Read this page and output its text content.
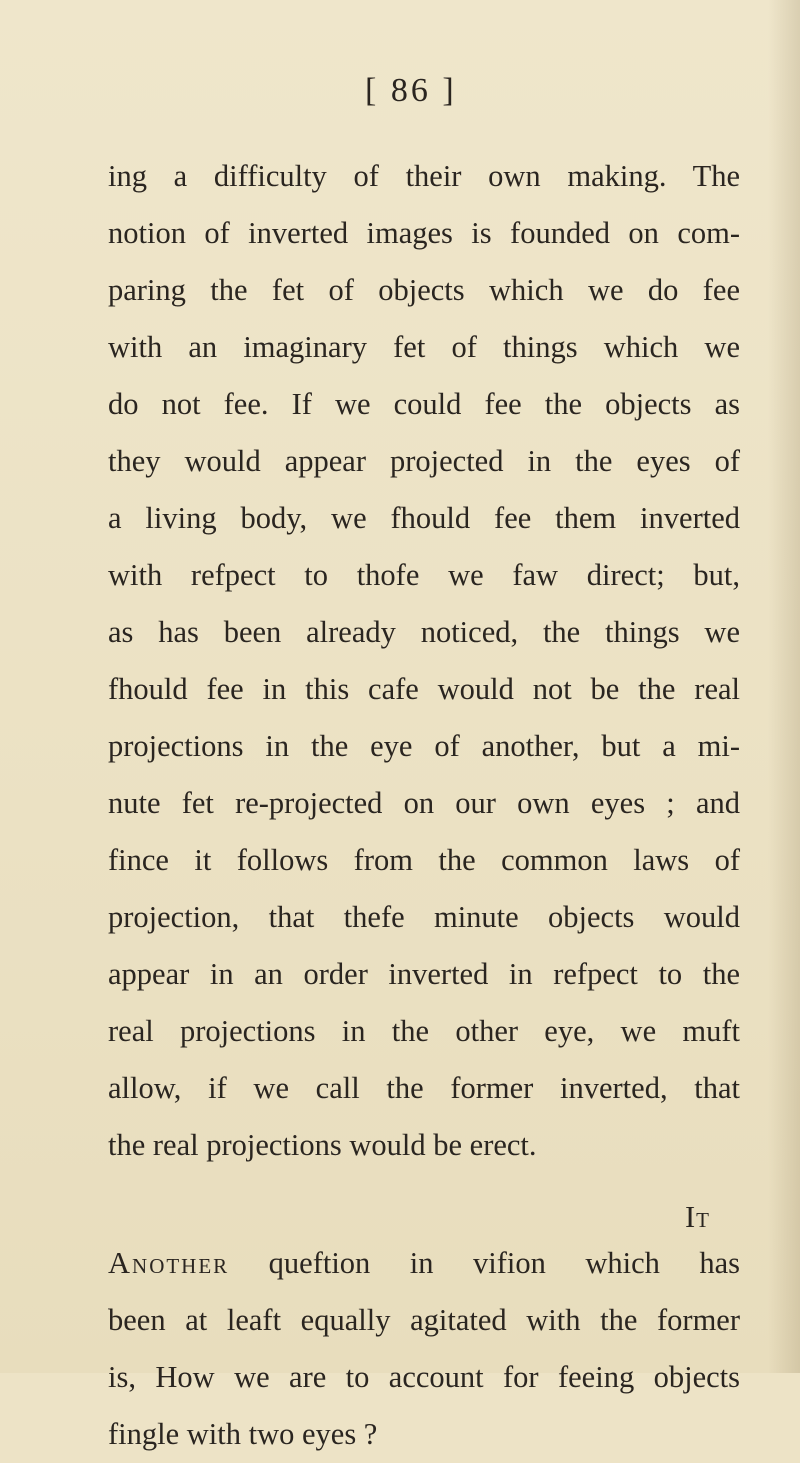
[ 86 ]
ing a difficulty of their own making. The
notion of inverted images is founded on com-
paring the fet of objects which we do fee
with an imaginary fet of things which we
do not fee. If we could fee the objects as
they would appear projected in the eyes of
a living body, we fhould fee them inverted
with refpect to thofe we faw direct; but,
as has been already noticed, the things we
fhould fee in this cafe would not be the real
projections in the eye of another, but a mi-
nute fet re-projected on our own eyes ; and
fince it follows from the common laws of
projection, that thefe minute objects would
appear in an order inverted in refpect to the
real projections in the other eye, we muft
allow, if we call the former inverted, that
the real projections would be erect.
Another queftion in vifion which has
been at leaft equally agitated with the former
is, How we are to account for feeing objects
fingle with two eyes ?
It
